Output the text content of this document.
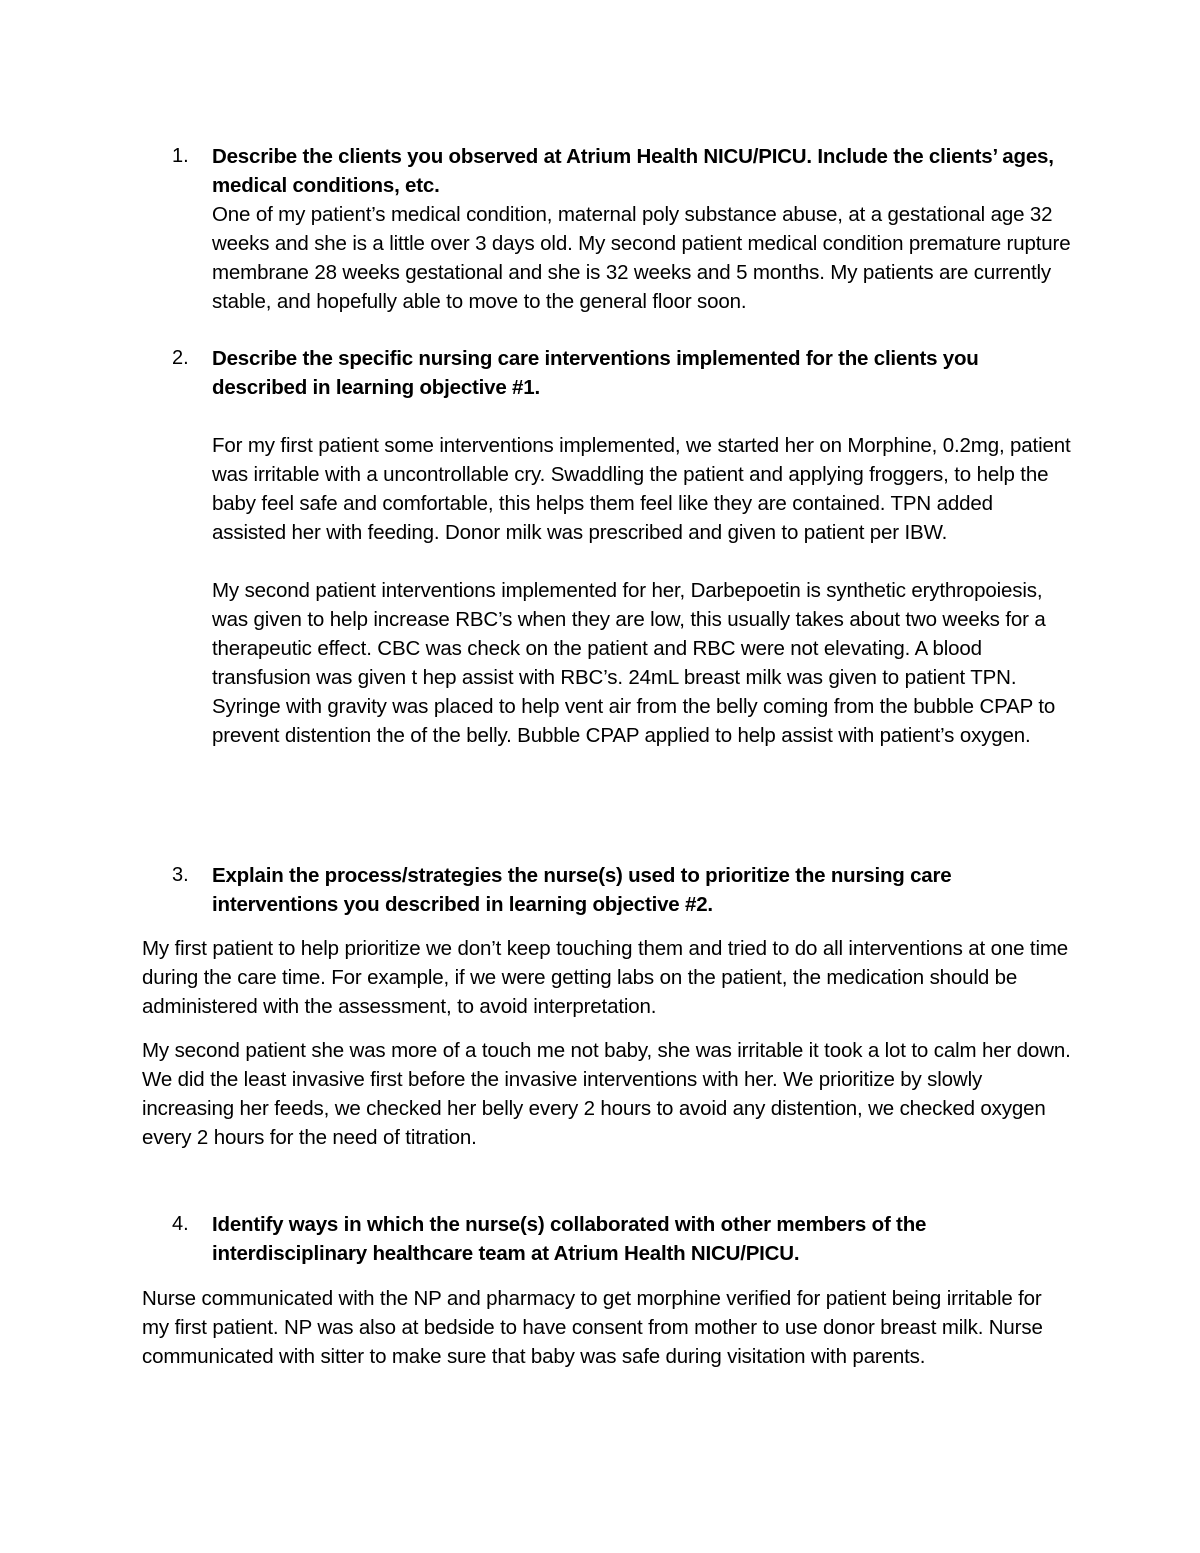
1.	Describe the clients you observed at Atrium Health NICU/PICU. Include the clients’ ages, medical conditions, etc.
One of my patient’s medical condition, maternal poly substance abuse, at a gestational age 32 weeks and she is a little over 3 days old. My second patient medical condition premature rupture membrane 28 weeks gestational and she is 32 weeks and 5 months. My patients are currently stable, and hopefully able to move to the general floor soon.
2.	Describe the specific nursing care interventions implemented for the clients you described in learning objective #1.
For my first patient some interventions implemented, we started her on Morphine, 0.2mg, patient was irritable with a uncontrollable cry. Swaddling the patient and applying froggers, to help the baby feel safe and comfortable, this helps them feel like they are contained. TPN added assisted her with feeding. Donor milk was prescribed and given to patient per IBW.
My second patient interventions implemented for her, Darbepoetin is synthetic erythropoiesis, was given to help increase RBC’s when they are low, this usually takes about two weeks for a therapeutic effect. CBC was check on the patient and RBC were not elevating. A blood transfusion was given t hep assist with RBC’s. 24mL breast milk was given to patient TPN. Syringe with gravity was placed to help vent air from the belly coming from the bubble CPAP to prevent distention the of the belly. Bubble CPAP applied to help assist with patient’s oxygen.
3.	Explain the process/strategies the nurse(s) used to prioritize the nursing care interventions you described in learning objective #2.
My first patient to help prioritize we don’t keep touching them and tried to do all interventions at one time during the care time. For example, if we were getting labs on the patient, the medication should be administered with the assessment, to avoid interpretation.
My second patient she was more of a touch me not baby, she was irritable it took a lot to calm her down. We did the least invasive first before the invasive interventions with her. We prioritize by slowly increasing her feeds, we checked her belly every 2 hours to avoid any distention, we checked oxygen every 2 hours for the need of titration.
4.	Identify ways in which the nurse(s) collaborated with other members of the interdisciplinary healthcare team at Atrium Health NICU/PICU.
Nurse communicated with the NP and pharmacy to get morphine verified for patient being irritable for my first patient. NP was also at bedside to have consent from mother to use donor breast milk. Nurse communicated with sitter to make sure that baby was safe during visitation with parents.
